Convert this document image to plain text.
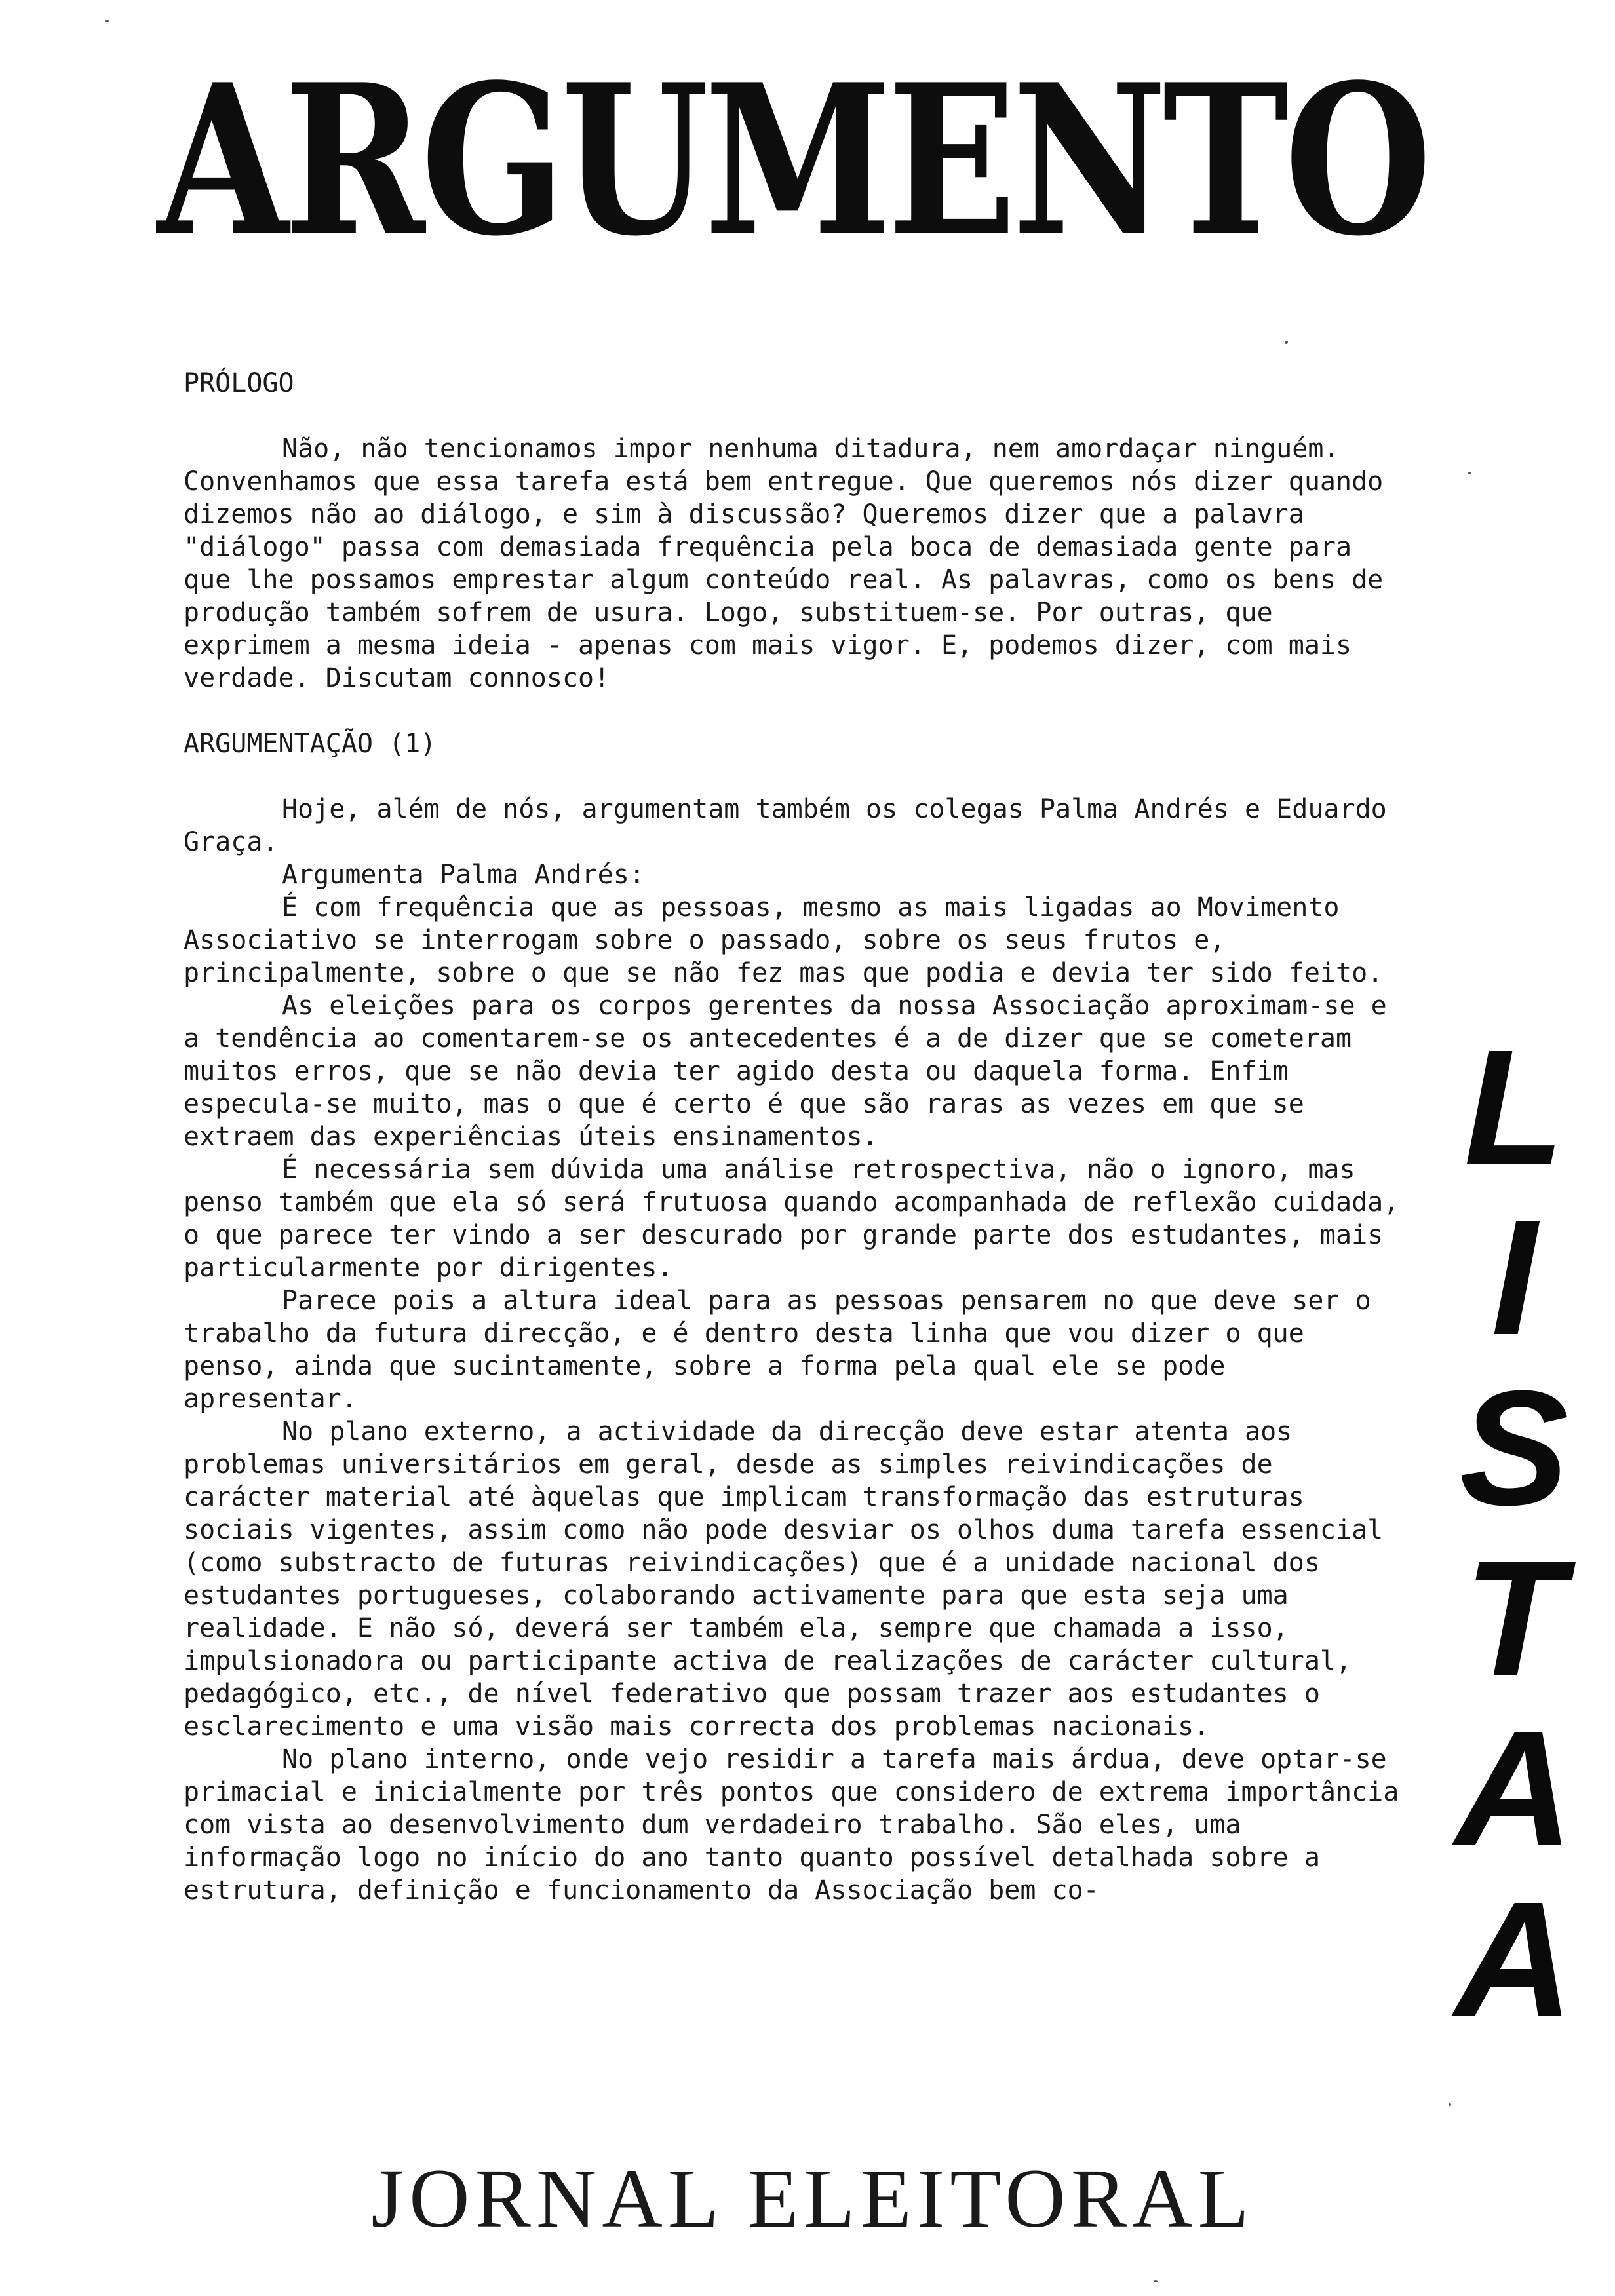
ARGUMENTO

PRÓLOGO

Não, não tencionamos impor nenhuma ditadura, nem amordaçar ninguém. Convenhamos que essa tarefa está bem entregue. Que queremos nós dizer quando dizemos não ao diálogo, e sim à discussão? Queremos dizer que a palavra "diálogo" passa com demasiada frequência pela boca de demasiada gente para que lhe possamos emprestar algum conteúdo real. As palavras, como os bens de produção também sofrem de usura. Logo, substituem-se. Por outras, que exprimem a mesma ideia - apenas com mais vigor. E, podemos dizer, com mais verdade. Discutam connosco!

ARGUMENTAÇÃO (1)

Hoje, além de nós, argumentam também os colegas Palma Andrés e Eduardo Graça.

Argumenta Palma Andrés:

É com frequência que as pessoas, mesmo as mais ligadas ao Movimento Associativo se interrogam sobre o passado, sobre os seus frutos e, principalmente, sobre o que se não fez mas que podia e devia ter sido feito.

As eleições para os corpos gerentes da nossa Associação aproximam-se e a tendência ao comentarem-se os antecedentes é a de dizer que se cometeram muitos erros, que se não devia ter agido desta ou daquela forma. Enfim especula-se muito, mas o que é certo é que são raras as vezes em que se extraem das experiências úteis ensinamentos.

É necessária sem dúvida uma análise retrospectiva, não o ignoro, mas penso também que ela só será frutuosa quando acompanhada de reflexão cuidada, o que parece ter vindo a ser descurado por grande parte dos estudantes, mais particularmente por dirigentes.

Parece pois a altura ideal para as pessoas pensarem no que deve ser o trabalho da futura direcção, e é dentro desta linha que vou dizer o que penso, ainda que sucintamente, sobre a forma pela qual ele se pode apresentar.

No plano externo, a actividade da direcção deve estar atenta aos problemas universitários em geral, desde as simples reivindicações de carácter material até àquelas que implicam transformação das estruturas sociais vigentes, assim como não pode desviar os olhos duma tarefa essencial (como substracto de futuras reivindicações) que é a unidade nacional dos estudantes portugueses, colaborando activamente para que esta seja uma realidade. E não só, deverá ser também ela, sempre que chamada a isso, impulsionadora ou participante activa de realizações de carácter cultural, pedagógico, etc., de nível federativo que possam trazer aos estudantes o esclarecimento e uma visão mais correcta dos problemas nacionais.

No plano interno, onde vejo residir a tarefa mais árdua, deve optar-se primacial e inicialmente por três pontos que considero de extrema importância com vista ao desenvolvimento dum verdadeiro trabalho. São eles, uma informação logo no início do ano tanto quanto possível detalhada sobre a estrutura, definição e funcionamento da Associação bem co-

L
I
S
T
A
A
JORNAL ELEITORAL
